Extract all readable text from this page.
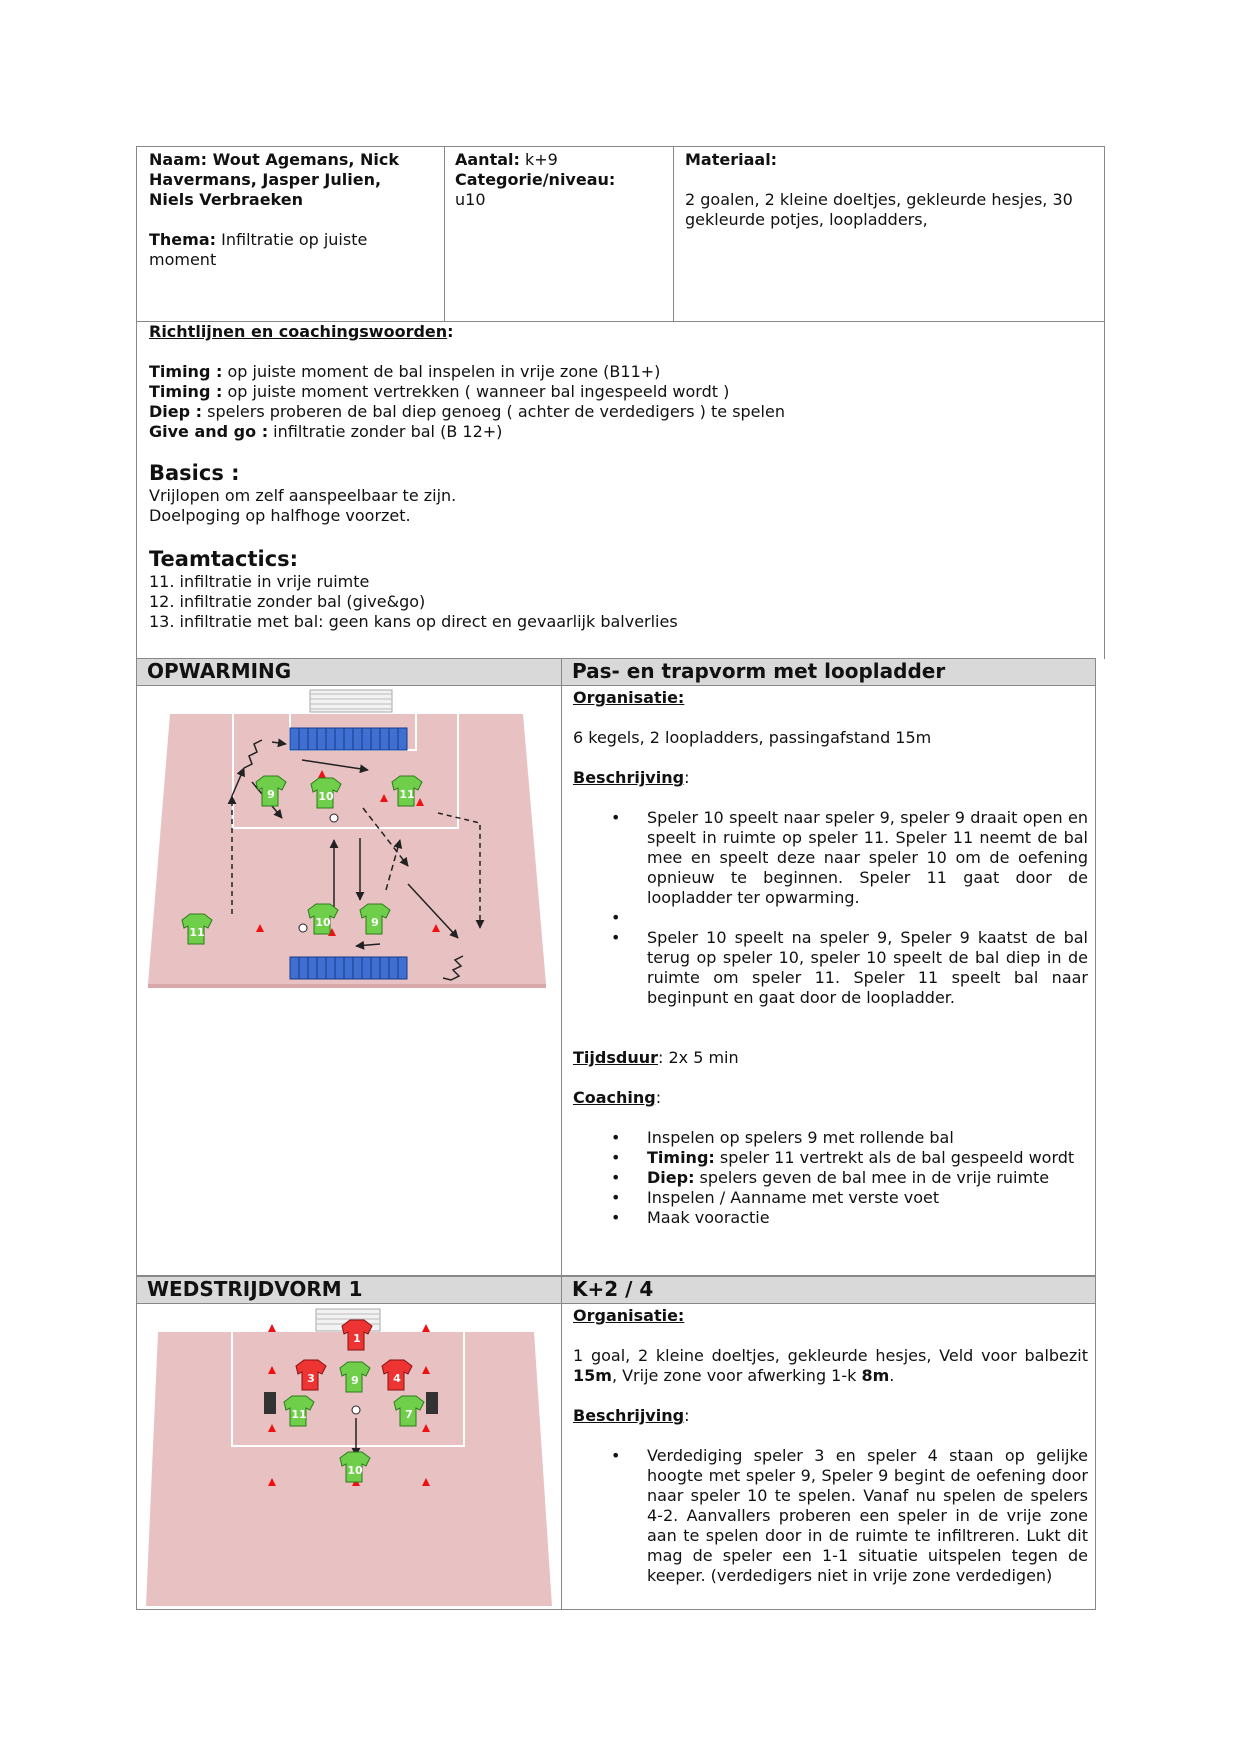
Naam: Wout Agemans, Nick

Havermans, Jasper Julien,

Niels Verbraeken

Thema: Infiltratie op juiste

moment

Aantal: k+9

Categorie/niveau:

u10

Materiaal:

2 goalen, 2 kleine doeltjes, gekleurde hesjes, 30

gekleurde potjes, loopladders,

Richtlijnen en coachingswoorden:

Timing : op juiste moment de bal inspelen in vrije zone (B11+)

Timing : op juiste moment vertrekken ( wanneer bal ingespeeld wordt )

Diep : spelers proberen de bal diep genoeg ( achter de verdedigers ) te spelen

Give and go : infiltratie zonder bal (B 12+)

Basics :

Vrijlopen om zelf aanspeelbaar te zijn.

Doelpoging op halfhoge voorzet.

Teamtactics:

11. infiltratie in vrije ruimte

12. infiltratie zonder bal (give&go)

13. infiltratie met bal: geen kans op direct en gevaarlijk balverlies

OPWARMING	Pas- en trapvorm met loopladder
9	10	11
11
10	9

Organisatie:

6 kegels, 2 loopladders, passingafstand 15m

Beschrijving:

• Speler 10 speelt naar speler 9, speler 9 draait open en speelt in ruimte op speler 11. Speler 11 neemt de bal mee en speelt deze naar speler 10 om de oefening opnieuw te beginnen. Speler 11 gaat door de loopladder ter opwarming.
•
• Speler 10 speelt na speler 9, Speler 9 kaatst de bal terug op speler 10, speler 10 speelt de bal diep in de ruimte om speler 11. Speler 11 speelt bal naar beginpunt en gaat door de loopladder.

Tijdsduur: 2x 5 min

Coaching:

• Inspelen op spelers 9 met rollende bal
• Timing: speler 11 vertrekt als de bal gespeeld wordt
• Diep: spelers geven de bal mee in de vrije ruimte
• Inspelen / Aanname met verste voet
• Maak vooractie
WEDSTRIJDVORM 1	K+2 / 4
1
3	4
9
11	7
10

Organisatie:

1 goal, 2 kleine doeltjes, gekleurde hesjes, Veld voor balbezit 15m, Vrije zone voor afwerking 1-k 8m.

Beschrijving:

• Verdediging speler 3 en speler 4 staan op gelijke hoogte met speler 9, Speler 9 begint de oefening door naar speler 10 te spelen. Vanaf nu spelen de spelers 4-2. Aanvallers proberen een speler in de vrije zone aan te spelen door in de ruimte te infiltreren. Lukt dit mag de speler een 1-1 situatie uitspelen tegen de keeper. (verdedigers niet in vrije zone verdedigen)
